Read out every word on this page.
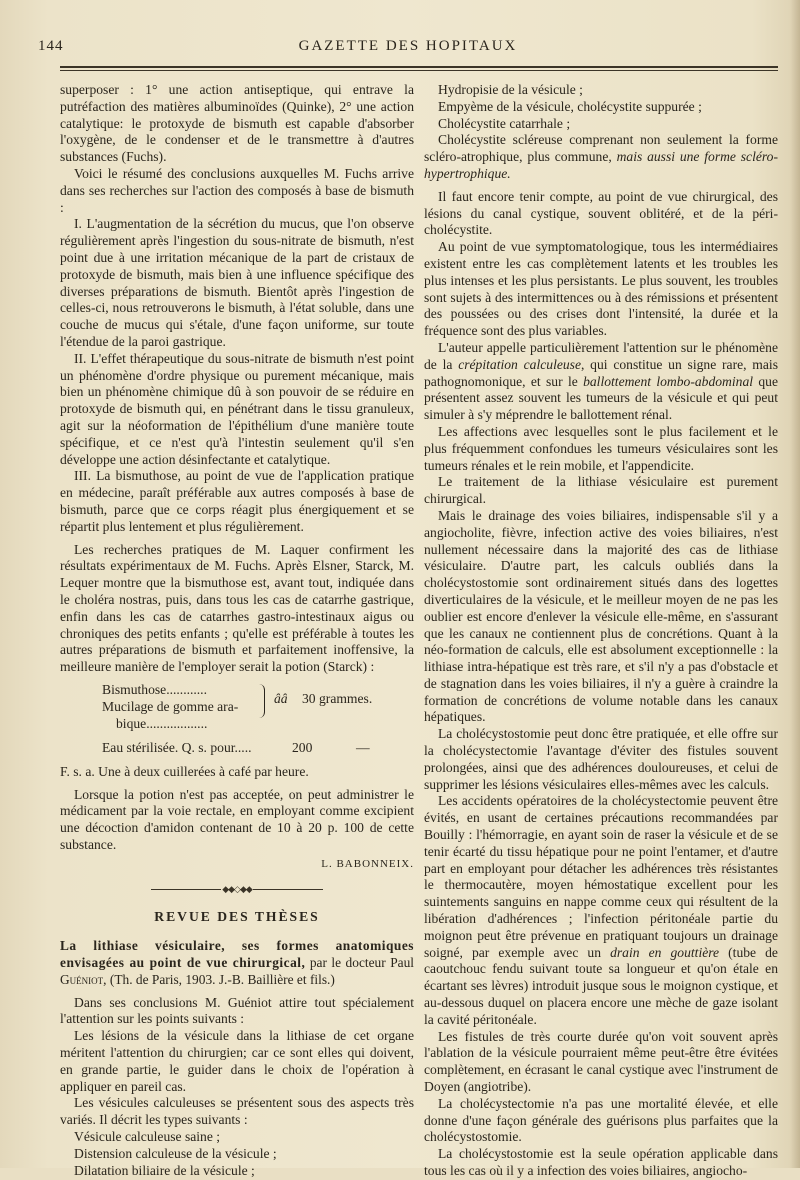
144	GAZETTE DES HOPITAUX

superposer : 1° une action antiseptique, qui entrave la putréfaction des matières albuminoïdes (Quinke), 2° une action catalytique: le protoxyde de bismuth est capable d'absorber l'oxygène, de le condenser et de le transmettre à d'autres substances (Fuchs).

Voici le résumé des conclusions auxquelles M. Fuchs arrive dans ses recherches sur l'action des composés à base de bismuth :

I. L'augmentation de la sécrétion du mucus, que l'on observe régulièrement après l'ingestion du sous-nitrate de bismuth, n'est point due à une irritation mécanique de la part de cristaux de protoxyde de bismuth, mais bien à une influence spécifique des diverses préparations de bismuth. Bientôt après l'ingestion de celles-ci, nous retrouverons le bismuth, à l'état soluble, dans une couche de mucus qui s'étale, d'une façon uniforme, sur toute l'étendue de la paroi gastrique.

II. L'effet thérapeutique du sous-nitrate de bismuth n'est point un phénomène d'ordre physique ou purement mécanique, mais bien un phénomène chimique dû à son pouvoir de se réduire en protoxyde de bismuth qui, en pénétrant dans le tissu granuleux, agit sur la néoformation de l'épithélium d'une manière toute spécifique, et ce n'est qu'à l'intestin seulement qu'il s'en développe une action désinfectante et catalytique.

III. La bismuthose, au point de vue de l'application pratique en médecine, paraît préférable aux autres composés à base de bismuth, parce que ce corps réagit plus énergiquement et se répartit plus lentement et plus régulièrement.

Les recherches pratiques de M. Laquer confirment les résultats expérimentaux de M. Fuchs. Après Elsner, Starck, M. Lequer montre que la bismuthose est, avant tout, indiquée dans le choléra nostras, puis, dans tous les cas de catarrhe gastrique, enfin dans les cas de catarrhes gastro-intestinaux aigus ou chroniques des petits enfants ; qu'elle est préférable à toutes les autres préparations de bismuth et parfaitement inoffensive, la meilleure manière de l'employer serait la potion (Starck) :

Bismuthose............
Mucilage de gomme ara-
bique..................
ââ 30 grammes.
Eau stérilisée. Q. s. pour.....	200	—

F. s. a. Une à deux cuillerées à café par heure.

Lorsque la potion n'est pas acceptée, on peut administrer le médicament par la voie rectale, en employant comme excipient une décoction d'amidon contenant de 10 à 20 p. 100 de cette substance.

L. BABONNEIX.
◆◆◇◆◆
REVUE DES THÈSES

La lithiase vésiculaire, ses formes anatomiques envisagées au point de vue chirurgical, par le docteur Paul Guéniot, (Th. de Paris, 1903. J.-B. Baillière et fils.)

Dans ses conclusions M. Guéniot attire tout spécialement l'attention sur les points suivants :

Les lésions de la vésicule dans la lithiase de cet organe méritent l'attention du chirurgien; car ce sont elles qui doivent, en grande partie, le guider dans le choix de l'opération à appliquer en pareil cas.

Les vésicules calculeuses se présentent sous des aspects très variés. Il décrit les types suivants :

Vésicule calculeuse saine ;

Distension calculeuse de la vésicule ;

Dilatation biliaire de la vésicule ;

Hydropisie de la vésicule ;

Empyème de la vésicule, cholécystite suppurée ;

Cholécystite catarrhale ;

Cholécystite scléreuse comprenant non seulement la forme scléro-atrophique, plus commune, mais aussi une forme scléro-hypertrophique.

Il faut encore tenir compte, au point de vue chirurgical, des lésions du canal cystique, souvent oblitéré, et de la péri-cholécystite.

Au point de vue symptomatologique, tous les intermédiaires existent entre les cas complètement latents et les troubles les plus intenses et les plus persistants. Le plus souvent, les troubles sont sujets à des intermittences ou à des rémissions et présentent des poussées ou des crises dont l'intensité, la durée et la fréquence sont des plus variables.

L'auteur appelle particulièrement l'attention sur le phénomène de la crépitation calculeuse, qui constitue un signe rare, mais pathognomonique, et sur le ballottement lombo-abdominal que présentent assez souvent les tumeurs de la vésicule et qui peut simuler à s'y méprendre le ballottement rénal.

Les affections avec lesquelles sont le plus facilement et le plus fréquemment confondues les tumeurs vésiculaires sont les tumeurs rénales et le rein mobile, et l'appendicite.

Le traitement de la lithiase vésiculaire est purement chirurgical.

Mais le drainage des voies biliaires, indispensable s'il y a angiocholite, fièvre, infection active des voies biliaires, n'est nullement nécessaire dans la majorité des cas de lithiase vésiculaire. D'autre part, les calculs oubliés dans la cholécystostomie sont ordinairement situés dans des logettes diverticulaires de la vésicule, et le meilleur moyen de ne pas les oublier est encore d'enlever la vésicule elle-même, en s'assurant que les canaux ne contiennent plus de concrétions. Quant à la néo-formation de calculs, elle est absolument exceptionnelle : la lithiase intra-hépatique est très rare, et s'il n'y a pas d'obstacle et de stagnation dans les voies biliaires, il n'y a guère à craindre la formation de concrétions de volume notable dans les canaux hépatiques.

La cholécystostomie peut donc être pratiquée, et elle offre sur la cholécystectomie l'avantage d'éviter des fistules souvent prolongées, ainsi que des adhérences douloureuses, et celui de supprimer les lésions vésiculaires elles-mêmes avec les calculs.

Les accidents opératoires de la cholécystectomie peuvent être évités, en usant de certaines précautions recommandées par Bouilly : l'hémorragie, en ayant soin de raser la vésicule et de se tenir écarté du tissu hépatique pour ne point l'entamer, et d'autre part en employant pour détacher les adhérences très résistantes le thermocautère, moyen hémostatique excellent pour les suintements sanguins en nappe comme ceux qui résultent de la libération d'adhérences ; l'infection péritonéale partie du moignon peut être prévenue en pratiquant toujours un drainage soigné, par exemple avec un drain en gouttière (tube de caoutchouc fendu suivant toute sa longueur et qu'on étale en écartant ses lèvres) introduit jusque sous le moignon cystique, et au-dessous duquel on placera encore une mèche de gaze isolant la cavité péritonéale.

Les fistules de très courte durée qu'on voit souvent après l'ablation de la vésicule pourraient même peut-être être évitées complètement, en écrasant le canal cystique avec l'instrument de Doyen (angiotribe).

La cholécystectomie n'a pas une mortalité élevée, et elle donne d'une façon générale des guérisons plus parfaites que la cholécystostomie.

La cholécystostomie est la seule opération applicable dans tous les cas où il y a infection des voies biliaires, angiocho-
